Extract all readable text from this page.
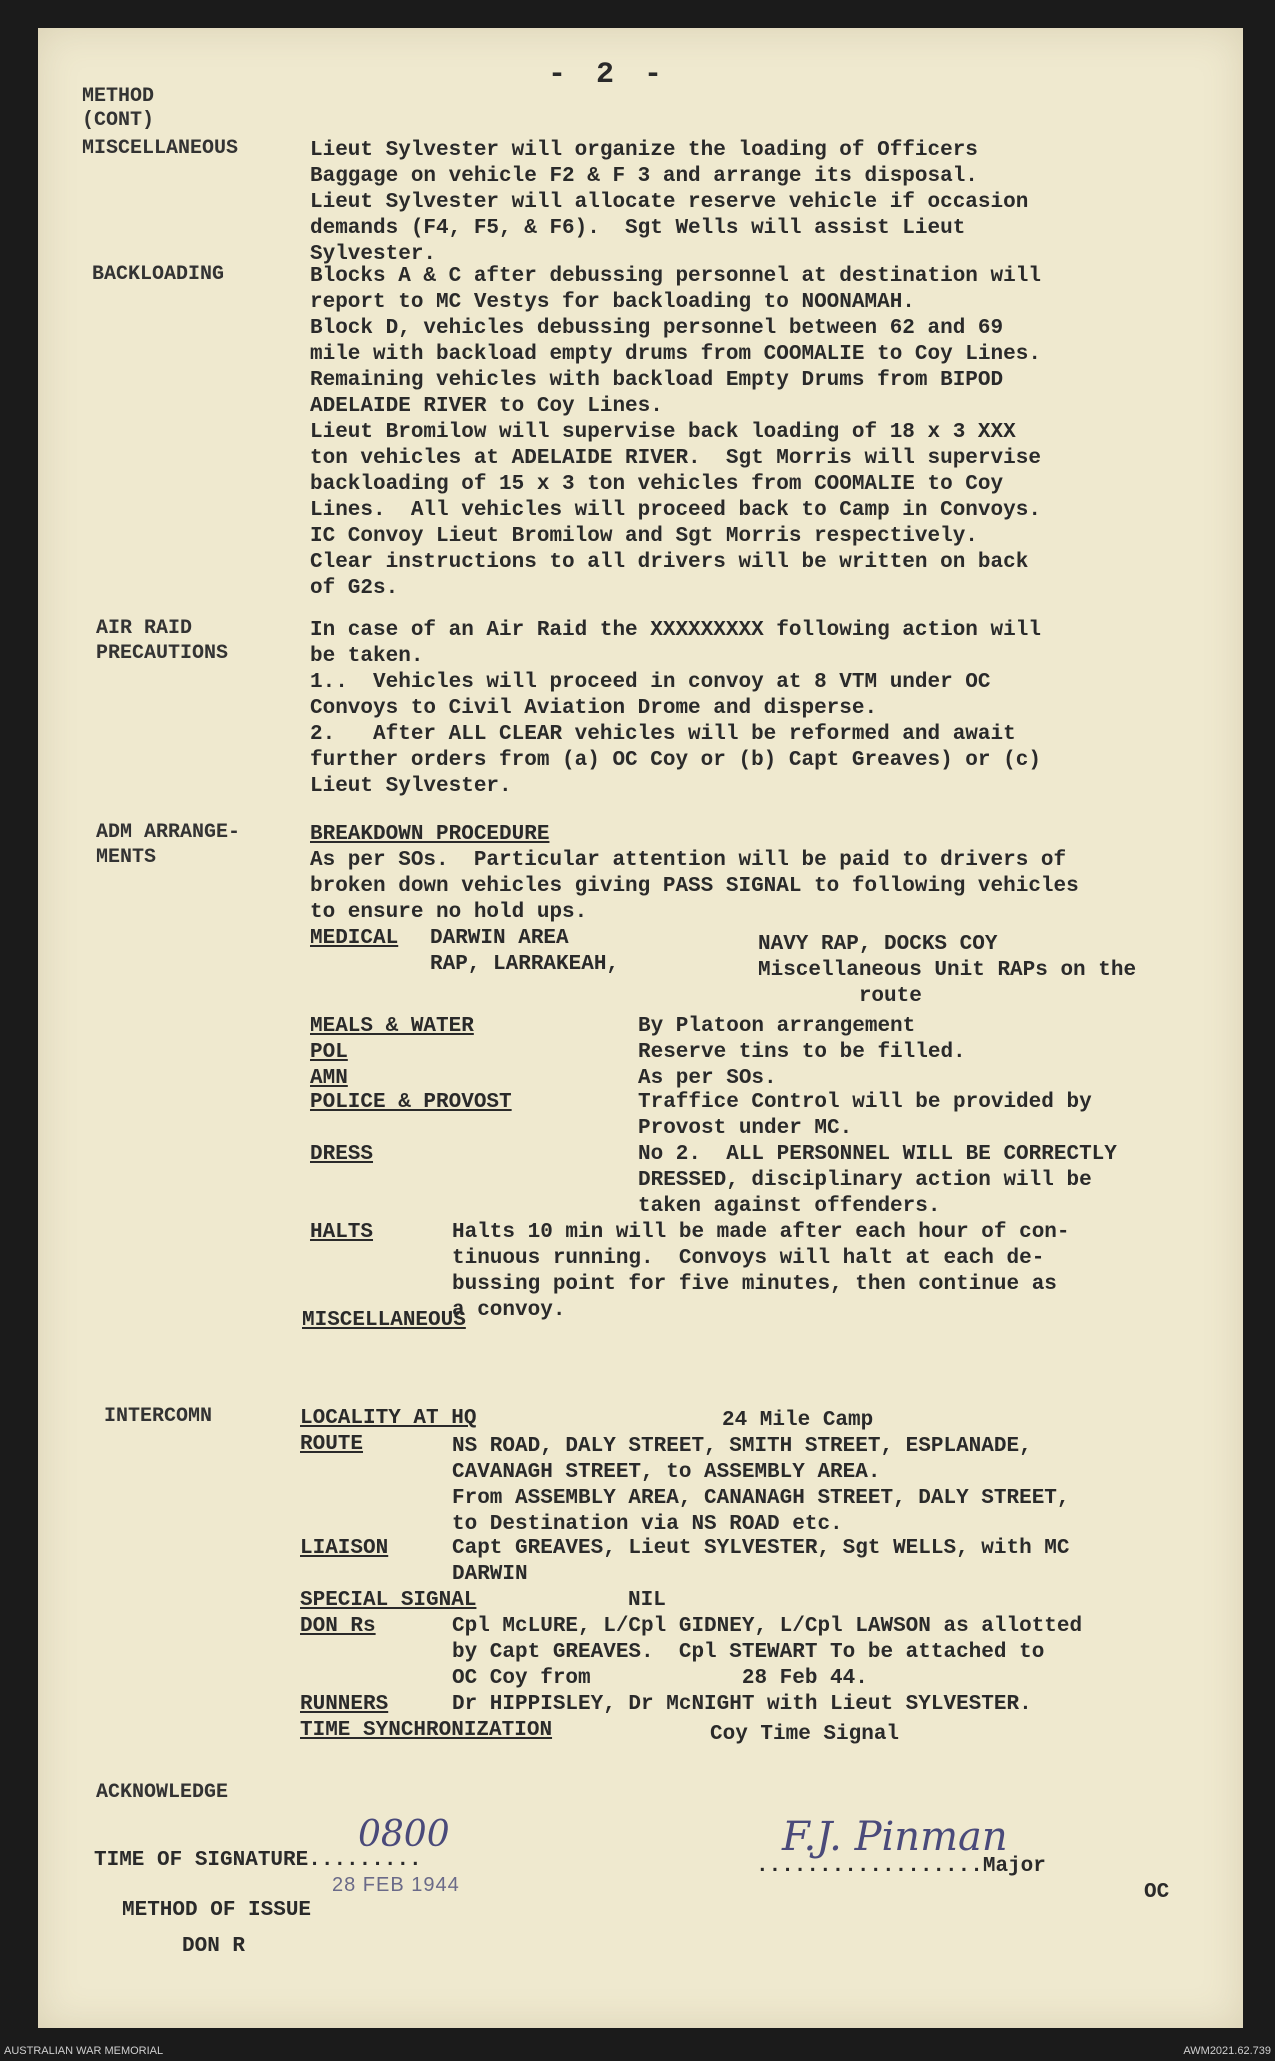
- 2 -
METHOD
(CONT)
MISCELLANEOUS	Lieut Sylvester will organize the loading of Officers
Baggage on vehicle F2 & F 3 and arrange its disposal.
Lieut Sylvester will allocate reserve vehicle if occasion
demands (F4, F5, & F6).  Sgt Wells will assist Lieut
Sylvester.
BACKLOADING	Blocks A & C after debussing personnel at destination will
report to MC Vestys for backloading to NOONAMAH.
Block D, vehicles debussing personnel between 62 and 69
mile with backload empty drums from COOMALIE to Coy Lines.
Remaining vehicles with backload Empty Drums from BIPOD
ADELAIDE RIVER to Coy Lines.
Lieut Bromilow will supervise back loading of 18 x 3 XXX
ton vehicles at ADELAIDE RIVER.  Sgt Morris will supervise
backloading of 15 x 3 ton vehicles from COOMALIE to Coy
Lines.  All vehicles will proceed back to Camp in Convoys.
IC Convoy Lieut Bromilow and Sgt Morris respectively.
Clear instructions to all drivers will be written on back
of G2s.
AIR RAID
PRECAUTIONS
In case of an Air Raid the XXXXXXXXX following action will
be taken.
1..  Vehicles will proceed in convoy at 8 VTM under OC
Convoys to Civil Aviation Drome and disperse.
2.   After ALL CLEAR vehicles will be reformed and await
further orders from (a) OC Coy or (b) Capt Greaves) or (c)
Lieut Sylvester.
ADM ARRANGE-
MENTS
BREAKDOWN PROCEDURE
As per SOs.  Particular attention will be paid to drivers of
broken down vehicles giving PASS SIGNAL to following vehicles
to ensure no hold ups.
MEDICAL DARWIN AREA
RAP, LARRAKEAH,
NAVY RAP, DOCKS COY
Miscellaneous Unit RAPs on the
route
MEALS & WATER	By Platoon arrangement
POL	Reserve tins to be filled.
AMN	As per SOs.
POLICE & PROVOST	Traffice Control will be provided by
Provost under MC.
DRESS	No 2.  ALL PERSONNEL WILL BE CORRECTLY
DRESSED, disciplinary action will be
taken against offenders.
HALTS	Halts 10 min will be made after each hour of con-
tinuous running.  Convoys will halt at each de-
bussing point for five minutes, then continue as
a convoy.
MISCELLANEOUS
INTERCOMN	LOCALITY AT HQ	24 Mile Camp
ROUTE	NS ROAD, DALY STREET, SMITH STREET, ESPLANADE,
CAVANAGH STREET, to ASSEMBLY AREA.
From ASSEMBLY AREA, CANANAGH STREET, DALY STREET,
to Destination via NS ROAD etc.
LIAISON	Capt GREAVES, Lieut SYLVESTER, Sgt WELLS, with MC
DARWIN
SPECIAL SIGNAL	NIL
DON Rs	Cpl McLURE, L/Cpl GIDNEY, L/Cpl LAWSON as allotted
by Capt GREAVES.  Cpl STEWART To be attached to
OC Coy from            28 Feb 44.
RUNNERS	Dr HIPPISLEY, Dr McNIGHT with Lieut SYLVESTER.
TIME SYNCHRONIZATION	Coy Time Signal
ACKNOWLEDGE
TIME OF SIGNATURE.........
0800
28 FEB 1944
F.J. Pinman
..................Major
OC
METHOD OF ISSUE
DON R
AUSTRALIAN WAR MEMORIAL	AWM2021.62.739
